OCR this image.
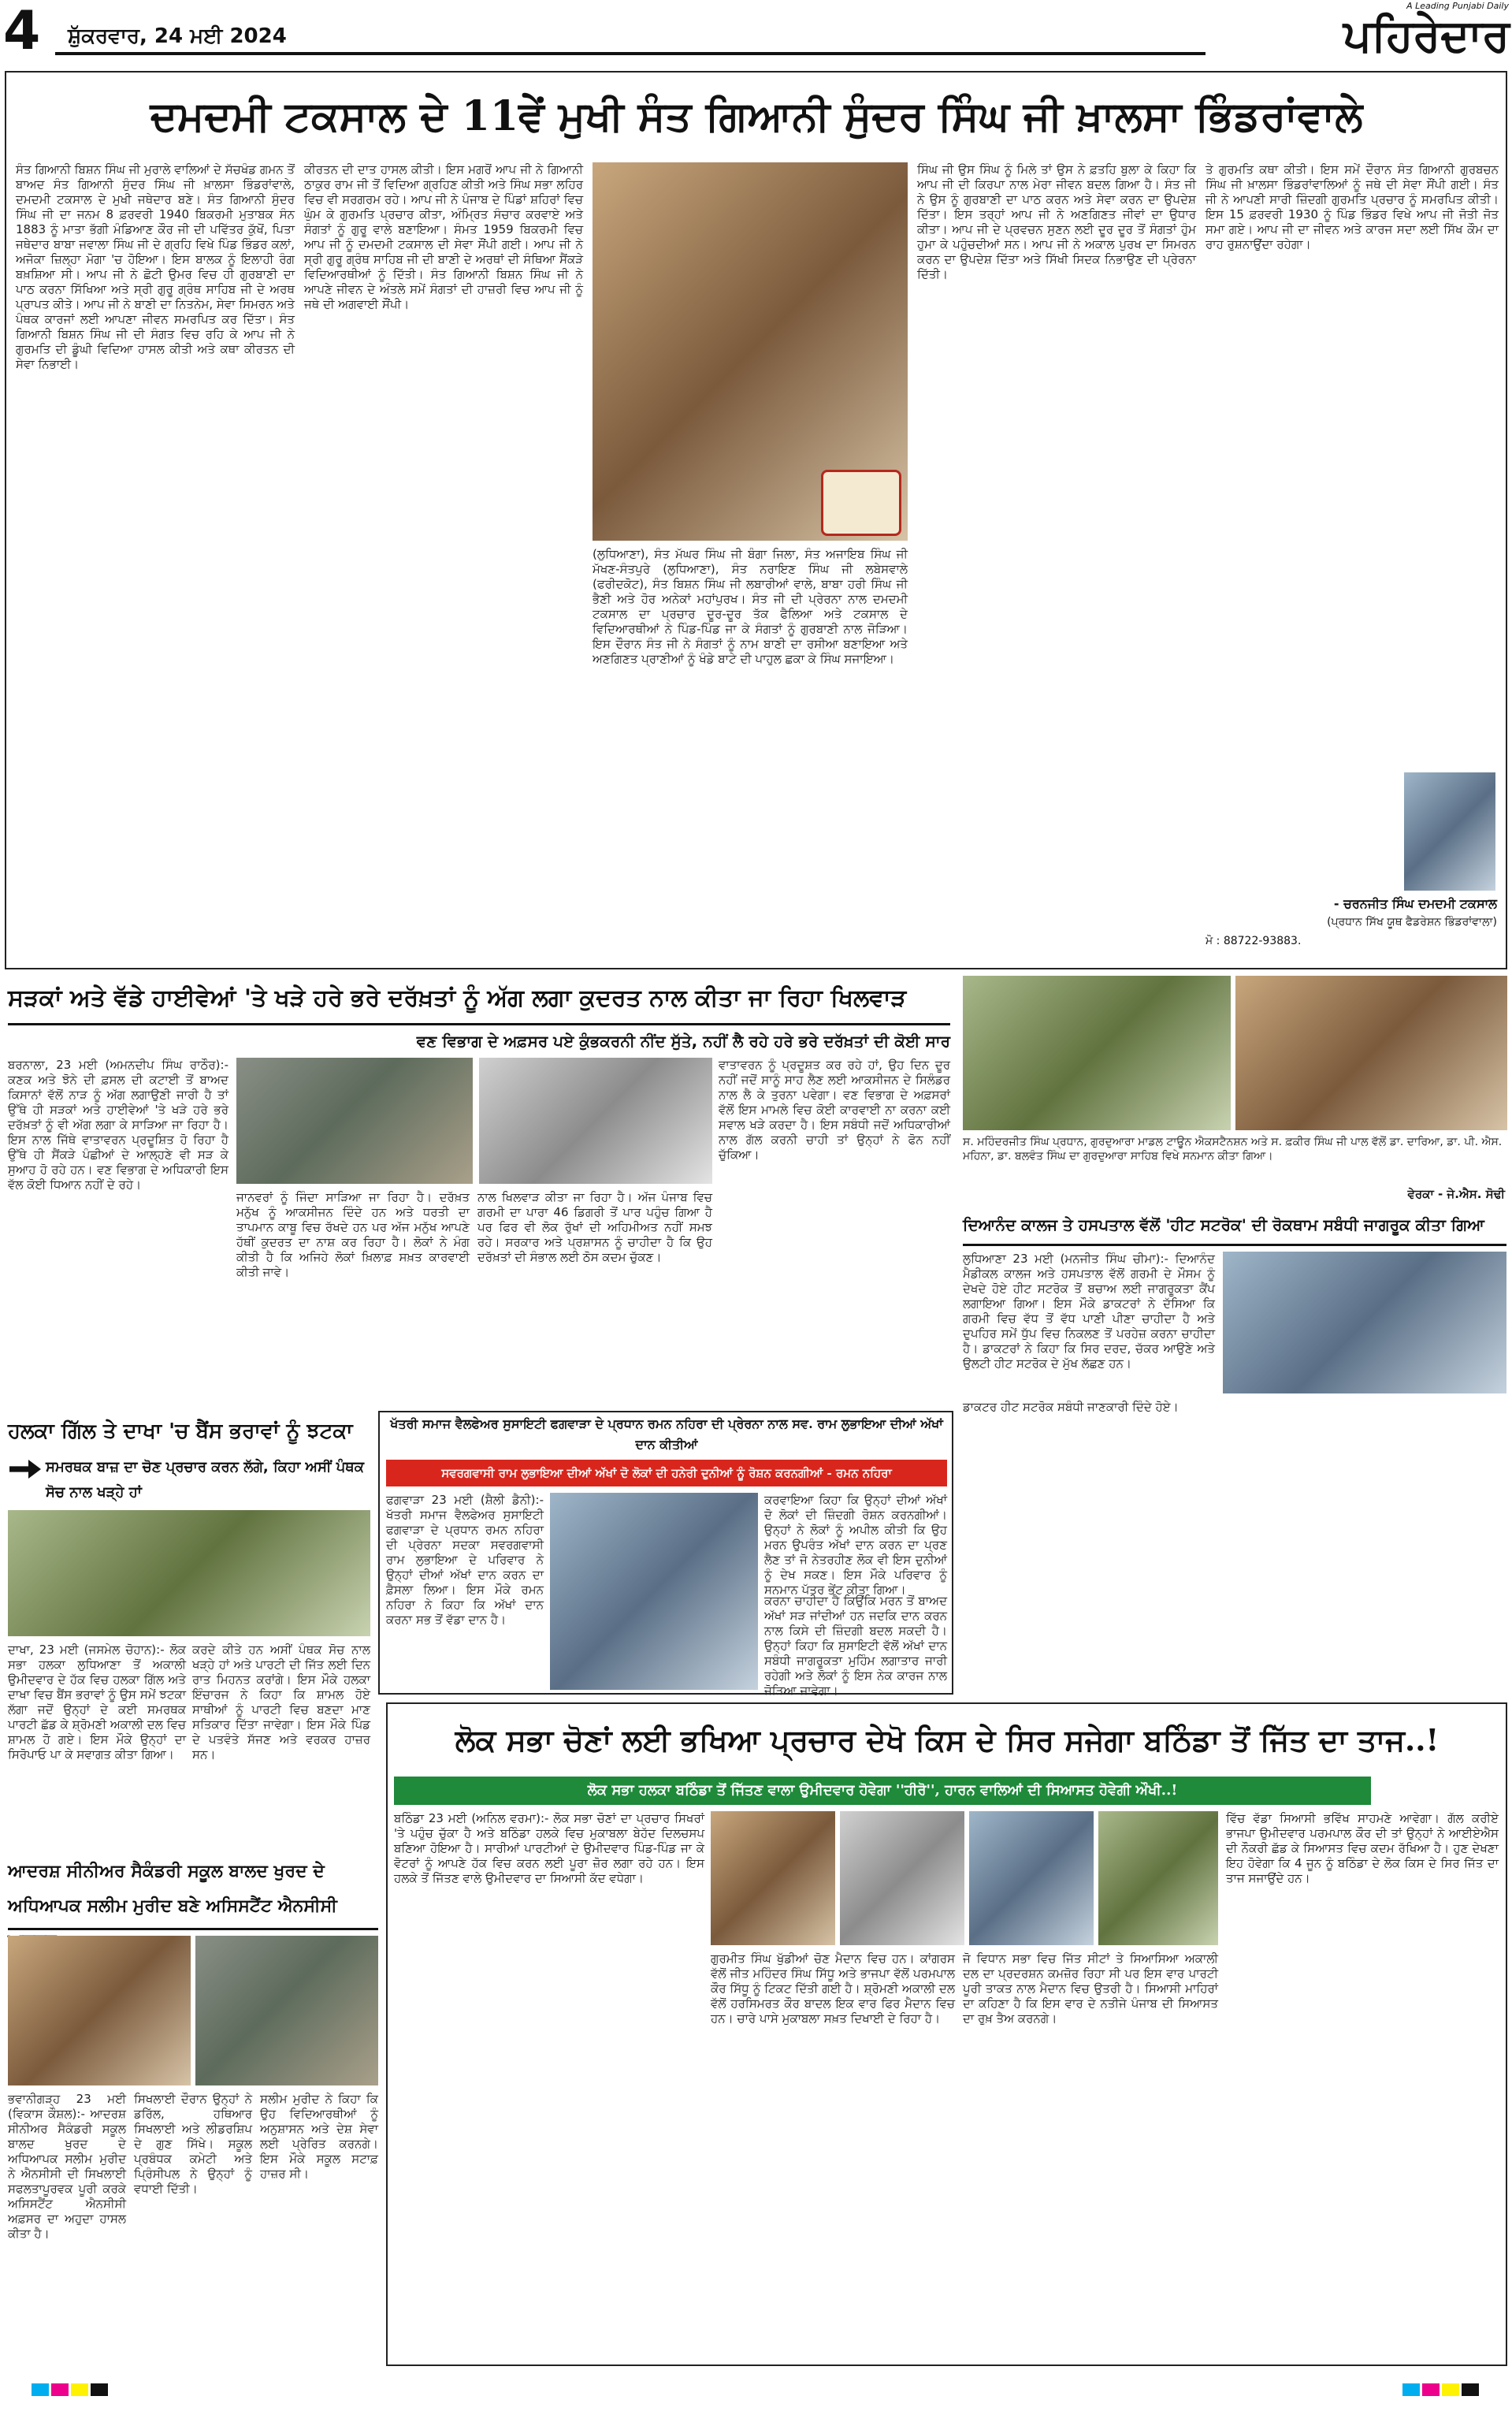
4	ਸ਼ੁੱਕਰਵਾਰ, 24 ਮਈ 2024
A Leading Punjabi Daily
ਪਹਿਰੇਦਾਰ
ਦਮਦਮੀ ਟਕਸਾਲ ਦੇ 11ਵੇਂ ਮੁਖੀ ਸੰਤ ਗਿਆਨੀ ਸੁੰਦਰ ਸਿੰਘ ਜੀ ਖ਼ਾਲਸਾ ਭਿੰਡਰਾਂਵਾਲੇ
ਸੰਤ ਗਿਆਨੀ ਬਿਸ਼ਨ ਸਿੰਘ ਜੀ ਮੁਰਾਲੇ ਵਾਲਿਆਂ ਦੇ ਸੱਚਖੰਡ ਗਮਨ ਤੋਂ ਬਾਅਦ ਸੰਤ ਗਿਆਨੀ ਸੁੰਦਰ ਸਿੰਘ ਜੀ ਖ਼ਾਲਸਾ ਭਿੰਡਰਾਂਵਾਲੇ, ਦਮਦਮੀ ਟਕਸਾਲ ਦੇ ਮੁਖੀ ਜਥੇਦਾਰ ਬਣੇ। ਸੰਤ ਗਿਆਨੀ ਸੁੰਦਰ ਸਿੰਘ ਜੀ ਦਾ ਜਨਮ 8 ਫ਼ਰਵਰੀ 1940 ਬਿਕਰਮੀ ਮੁਤਾਬਕ ਸੰਨ 1883 ਨੂੰ ਮਾਤਾ ਭੱਗੀ ਮੰਡਿਆਣ ਕੌਰ ਜੀ ਦੀ ਪਵਿੱਤਰ ਕੁੱਖੋਂ, ਪਿਤਾ ਜਥੇਦਾਰ ਬਾਬਾ ਜਵਾਲਾ ਸਿੰਘ ਜੀ ਦੇ ਗ੍ਰਹਿ ਵਿਖੇ ਪਿੰਡ ਭਿੰਡਰ ਕਲਾਂ, ਅਜੋਕਾ ਜ਼ਿਲ੍ਹਾ ਮੋਗਾ 'ਚ ਹੋਇਆ। ਇਸ ਬਾਲਕ ਨੂੰ ਇਲਾਹੀ ਰੰਗ ਬਖ਼ਸ਼ਿਆ ਸੀ। ਆਪ ਜੀ ਨੇ ਛੋਟੀ ਉਮਰ ਵਿਚ ਹੀ ਗੁਰਬਾਣੀ ਦਾ ਪਾਠ ਕਰਨਾ ਸਿੱਖਿਆ ਅਤੇ ਸ੍ਰੀ ਗੁਰੂ ਗ੍ਰੰਥ ਸਾਹਿਬ ਜੀ ਦੇ ਅਰਥ ਪ੍ਰਾਪਤ ਕੀਤੇ। ਆਪ ਜੀ ਨੇ ਬਾਣੀ ਦਾ ਨਿਤਨੇਮ, ਸੇਵਾ ਸਿਮਰਨ ਅਤੇ ਪੰਥਕ ਕਾਰਜਾਂ ਲਈ ਆਪਣਾ ਜੀਵਨ ਸਮਰਪਿਤ ਕਰ ਦਿੱਤਾ। ਸੰਤ ਗਿਆਨੀ ਬਿਸ਼ਨ ਸਿੰਘ ਜੀ ਦੀ ਸੰਗਤ ਵਿਚ ਰਹਿ ਕੇ ਆਪ ਜੀ ਨੇ ਗੁਰਮਤਿ ਦੀ ਡੂੰਘੀ ਵਿਦਿਆ ਹਾਸਲ ਕੀਤੀ ਅਤੇ ਕਥਾ ਕੀਰਤਨ ਦੀ ਸੇਵਾ ਨਿਭਾਈ।
ਕੀਰਤਨ ਦੀ ਦਾਤ ਹਾਸਲ ਕੀਤੀ। ਇਸ ਮਗਰੋਂ ਆਪ ਜੀ ਨੇ ਗਿਆਨੀ ਠਾਕੁਰ ਰਾਮ ਜੀ ਤੋਂ ਵਿਦਿਆ ਗ੍ਰਹਿਣ ਕੀਤੀ ਅਤੇ ਸਿੰਘ ਸਭਾ ਲਹਿਰ ਵਿਚ ਵੀ ਸਰਗਰਮ ਰਹੇ। ਆਪ ਜੀ ਨੇ ਪੰਜਾਬ ਦੇ ਪਿੰਡਾਂ ਸ਼ਹਿਰਾਂ ਵਿਚ ਘੁੰਮ ਕੇ ਗੁਰਮਤਿ ਪ੍ਰਚਾਰ ਕੀਤਾ, ਅੰਮ੍ਰਿਤ ਸੰਚਾਰ ਕਰਵਾਏ ਅਤੇ ਸੰਗਤਾਂ ਨੂੰ ਗੁਰੂ ਵਾਲੇ ਬਣਾਇਆ। ਸੰਮਤ 1959 ਬਿਕਰਮੀ ਵਿਚ ਆਪ ਜੀ ਨੂੰ ਦਮਦਮੀ ਟਕਸਾਲ ਦੀ ਸੇਵਾ ਸੌਂਪੀ ਗਈ। ਆਪ ਜੀ ਨੇ ਸ੍ਰੀ ਗੁਰੂ ਗ੍ਰੰਥ ਸਾਹਿਬ ਜੀ ਦੀ ਬਾਣੀ ਦੇ ਅਰਥਾਂ ਦੀ ਸੰਥਿਆ ਸੈਂਕੜੇ ਵਿਦਿਆਰਥੀਆਂ ਨੂੰ ਦਿੱਤੀ। ਸੰਤ ਗਿਆਨੀ ਬਿਸ਼ਨ ਸਿੰਘ ਜੀ ਨੇ ਆਪਣੇ ਜੀਵਨ ਦੇ ਅੰਤਲੇ ਸਮੇਂ ਸੰਗਤਾਂ ਦੀ ਹਾਜ਼ਰੀ ਵਿਚ ਆਪ ਜੀ ਨੂੰ ਜਥੇ ਦੀ ਅਗਵਾਈ ਸੌਂਪੀ।
(ਲੁਧਿਆਣਾ), ਸੰਤ ਮੱਘਰ ਸਿੰਘ ਜੀ ਬੰਗਾ ਜਿਲਾ, ਸੰਤ ਅਜਾਇਬ ਸਿੰਘ ਜੀ ਮੱਖਣ-ਸੰਤਪੁਰੇ (ਲੁਧਿਆਣਾ), ਸੰਤ ਨਰਾਇਣ ਸਿੰਘ ਜੀ ਲਬੇਸਵਾਲੇ (ਫਰੀਦਕੋਟ), ਸੰਤ ਬਿਸ਼ਨ ਸਿੰਘ ਜੀ ਲਬਾਰੀਆਂ ਵਾਲੇ, ਬਾਬਾ ਹਰੀ ਸਿੰਘ ਜੀ ਭੈਣੀ ਅਤੇ ਹੋਰ ਅਨੇਕਾਂ ਮਹਾਂਪੁਰਖ। ਸੰਤ ਜੀ ਦੀ ਪ੍ਰੇਰਨਾ ਨਾਲ ਦਮਦਮੀ ਟਕਸਾਲ ਦਾ ਪ੍ਰਚਾਰ ਦੂਰ-ਦੂਰ ਤੱਕ ਫੈਲਿਆ ਅਤੇ ਟਕਸਾਲ ਦੇ ਵਿਦਿਆਰਥੀਆਂ ਨੇ ਪਿੰਡ-ਪਿੰਡ ਜਾ ਕੇ ਸੰਗਤਾਂ ਨੂੰ ਗੁਰਬਾਣੀ ਨਾਲ ਜੋੜਿਆ। ਇਸ ਦੌਰਾਨ ਸੰਤ ਜੀ ਨੇ ਸੰਗਤਾਂ ਨੂੰ ਨਾਮ ਬਾਣੀ ਦਾ ਰਸੀਆ ਬਣਾਇਆ ਅਤੇ ਅਣਗਿਣਤ ਪ੍ਰਾਣੀਆਂ ਨੂੰ ਖੰਡੇ ਬਾਟੇ ਦੀ ਪਾਹੁਲ ਛਕਾ ਕੇ ਸਿੰਘ ਸਜਾਇਆ।
ਸਿੰਘ ਜੀ ਉਸ ਸਿੰਘ ਨੂੰ ਮਿਲੇ ਤਾਂ ਉਸ ਨੇ ਫ਼ਤਹਿ ਬੁਲਾ ਕੇ ਕਿਹਾ ਕਿ ਆਪ ਜੀ ਦੀ ਕਿਰਪਾ ਨਾਲ ਮੇਰਾ ਜੀਵਨ ਬਦਲ ਗਿਆ ਹੈ। ਸੰਤ ਜੀ ਨੇ ਉਸ ਨੂੰ ਗੁਰਬਾਣੀ ਦਾ ਪਾਠ ਕਰਨ ਅਤੇ ਸੇਵਾ ਕਰਨ ਦਾ ਉਪਦੇਸ਼ ਦਿੱਤਾ। ਇਸ ਤਰ੍ਹਾਂ ਆਪ ਜੀ ਨੇ ਅਣਗਿਣਤ ਜੀਵਾਂ ਦਾ ਉਧਾਰ ਕੀਤਾ। ਆਪ ਜੀ ਦੇ ਪ੍ਰਵਚਨ ਸੁਣਨ ਲਈ ਦੂਰ ਦੂਰ ਤੋਂ ਸੰਗਤਾਂ ਹੁੰਮ ਹੁਮਾ ਕੇ ਪਹੁੰਚਦੀਆਂ ਸਨ। ਆਪ ਜੀ ਨੇ ਅਕਾਲ ਪੁਰਖ ਦਾ ਸਿਮਰਨ ਕਰਨ ਦਾ ਉਪਦੇਸ਼ ਦਿੱਤਾ ਅਤੇ ਸਿੱਖੀ ਸਿਦਕ ਨਿਭਾਉਣ ਦੀ ਪ੍ਰੇਰਨਾ ਦਿੱਤੀ।
ਤੇ ਗੁਰਮਤਿ ਕਥਾ ਕੀਤੀ। ਇਸ ਸਮੇਂ ਦੌਰਾਨ ਸੰਤ ਗਿਆਨੀ ਗੁਰਬਚਨ ਸਿੰਘ ਜੀ ਖ਼ਾਲਸਾ ਭਿੰਡਰਾਂਵਾਲਿਆਂ ਨੂੰ ਜਥੇ ਦੀ ਸੇਵਾ ਸੌਂਪੀ ਗਈ। ਸੰਤ ਜੀ ਨੇ ਆਪਣੀ ਸਾਰੀ ਜ਼ਿੰਦਗੀ ਗੁਰਮਤਿ ਪ੍ਰਚਾਰ ਨੂੰ ਸਮਰਪਿਤ ਕੀਤੀ। ਇਸ 15 ਫ਼ਰਵਰੀ 1930 ਨੂੰ ਪਿੰਡ ਭਿੰਡਰ ਵਿਖੇ ਆਪ ਜੀ ਜੋਤੀ ਜੋਤ ਸਮਾ ਗਏ। ਆਪ ਜੀ ਦਾ ਜੀਵਨ ਅਤੇ ਕਾਰਜ ਸਦਾ ਲਈ ਸਿੱਖ ਕੌਮ ਦਾ ਰਾਹ ਰੁਸ਼ਨਾਉਂਦਾ ਰਹੇਗਾ।
- ਚਰਨਜੀਤ ਸਿੰਘ ਦਮਦਮੀ ਟਕਸਾਲ
(ਪ੍ਰਧਾਨ ਸਿੱਖ ਯੂਥ ਫੈਡਰੇਸ਼ਨ ਭਿੰਡਰਾਂਵਾਲਾ)
ਮੋ : 88722-93883.
ਸੜਕਾਂ ਅਤੇ ਵੱਡੇ ਹਾਈਵੇਆਂ 'ਤੇ ਖੜੇ ਹਰੇ ਭਰੇ ਦਰੱਖ਼ਤਾਂ ਨੂੰ ਅੱਗ ਲਗਾ ਕੁਦਰਤ ਨਾਲ ਕੀਤਾ ਜਾ ਰਿਹਾ ਖਿਲਵਾੜ
ਵਣ ਵਿਭਾਗ ਦੇ ਅਫ਼ਸਰ ਪਏ ਕੁੰਭਕਰਨੀ ਨੀਂਦ ਸੁੱਤੇ, ਨਹੀਂ ਲੈ ਰਹੇ ਹਰੇ ਭਰੇ ਦਰੱਖ਼ਤਾਂ ਦੀ ਕੋਈ ਸਾਰ
ਬਰਨਾਲਾ, 23 ਮਈ (ਅਮਨਦੀਪ ਸਿੰਘ ਰਾਠੌਰ):- ਕਣਕ ਅਤੇ ਝੋਨੇ ਦੀ ਫ਼ਸਲ ਦੀ ਕਟਾਈ ਤੋਂ ਬਾਅਦ ਕਿਸਾਨਾਂ ਵੱਲੋਂ ਨਾੜ ਨੂੰ ਅੱਗ ਲਗਾਉਣੀ ਜਾਰੀ ਹੈ ਤਾਂ ਉੱਥੇ ਹੀ ਸੜਕਾਂ ਅਤੇ ਹਾਈਵੇਆਂ 'ਤੇ ਖੜੇ ਹਰੇ ਭਰੇ ਦਰੱਖ਼ਤਾਂ ਨੂੰ ਵੀ ਅੱਗ ਲਗਾ ਕੇ ਸਾੜਿਆ ਜਾ ਰਿਹਾ ਹੈ। ਇਸ ਨਾਲ ਜਿੱਥੇ ਵਾਤਾਵਰਨ ਪ੍ਰਦੂਸ਼ਿਤ ਹੋ ਰਿਹਾ ਹੈ ਉੱਥੇ ਹੀ ਸੈਂਕੜੇ ਪੰਛੀਆਂ ਦੇ ਆਲ੍ਹਣੇ ਵੀ ਸੜ ਕੇ ਸੁਆਹ ਹੋ ਰਹੇ ਹਨ। ਵਣ ਵਿਭਾਗ ਦੇ ਅਧਿਕਾਰੀ ਇਸ ਵੱਲ ਕੋਈ ਧਿਆਨ ਨਹੀਂ ਦੇ ਰਹੇ।
ਵਾਤਾਵਰਨ ਨੂੰ ਪ੍ਰਦੂਸ਼ਤ ਕਰ ਰਹੇ ਹਾਂ, ਉਹ ਦਿਨ ਦੂਰ ਨਹੀਂ ਜਦੋਂ ਸਾਨੂੰ ਸਾਹ ਲੈਣ ਲਈ ਆਕਸੀਜਨ ਦੇ ਸਿਲੰਡਰ ਨਾਲ ਲੈ ਕੇ ਤੁਰਨਾ ਪਵੇਗਾ। ਵਣ ਵਿਭਾਗ ਦੇ ਅਫ਼ਸਰਾਂ ਵੱਲੋਂ ਇਸ ਮਾਮਲੇ ਵਿਚ ਕੋਈ ਕਾਰਵਾਈ ਨਾ ਕਰਨਾ ਕਈ ਸਵਾਲ ਖੜੇ ਕਰਦਾ ਹੈ। ਇਸ ਸਬੰਧੀ ਜਦੋਂ ਅਧਿਕਾਰੀਆਂ ਨਾਲ ਗੱਲ ਕਰਨੀ ਚਾਹੀ ਤਾਂ ਉਨ੍ਹਾਂ ਨੇ ਫੋਨ ਨਹੀਂ ਚੁੱਕਿਆ।
ਜਾਨਵਰਾਂ ਨੂੰ ਜਿੰਦਾ ਸਾੜਿਆ ਜਾ ਰਿਹਾ ਹੈ। ਦਰੱਖ਼ਤ ਮਨੁੱਖ ਨੂੰ ਆਕਸੀਜਨ ਦਿੰਦੇ ਹਨ ਅਤੇ ਧਰਤੀ ਦਾ ਤਾਪਮਾਨ ਕਾਬੂ ਵਿਚ ਰੱਖਦੇ ਹਨ ਪਰ ਅੱਜ ਮਨੁੱਖ ਆਪਣੇ ਹੱਥੀਂ ਕੁਦਰਤ ਦਾ ਨਾਸ਼ ਕਰ ਰਿਹਾ ਹੈ। ਲੋਕਾਂ ਨੇ ਮੰਗ ਕੀਤੀ ਹੈ ਕਿ ਅਜਿਹੇ ਲੋਕਾਂ ਖ਼ਿਲਾਫ਼ ਸਖ਼ਤ ਕਾਰਵਾਈ ਕੀਤੀ ਜਾਵੇ।
ਨਾਲ ਖਿਲਵਾੜ ਕੀਤਾ ਜਾ ਰਿਹਾ ਹੈ। ਅੱਜ ਪੰਜਾਬ ਵਿਚ ਗਰਮੀ ਦਾ ਪਾਰਾ 46 ਡਿਗਰੀ ਤੋਂ ਪਾਰ ਪਹੁੰਚ ਗਿਆ ਹੈ ਪਰ ਫਿਰ ਵੀ ਲੋਕ ਰੁੱਖਾਂ ਦੀ ਅਹਿਮੀਅਤ ਨਹੀਂ ਸਮਝ ਰਹੇ। ਸਰਕਾਰ ਅਤੇ ਪ੍ਰਸ਼ਾਸਨ ਨੂੰ ਚਾਹੀਦਾ ਹੈ ਕਿ ਉਹ ਦਰੱਖ਼ਤਾਂ ਦੀ ਸੰਭਾਲ ਲਈ ਠੋਸ ਕਦਮ ਚੁੱਕਣ।
ਸ. ਮਹਿੰਦਰਜੀਤ ਸਿੰਘ ਪ੍ਰਧਾਨ, ਗੁਰਦੁਆਰਾ ਮਾਡਲ ਟਾਊਨ ਐਕਸਟੈਨਸ਼ਨ ਅਤੇ ਸ. ਫ਼ਕੀਰ ਸਿੰਘ ਜੀ ਪਾਲ ਵੱਲੋਂ ਡਾ. ਦਾਰਿਆ, ਡਾ. ਪੀ. ਐਸ. ਮਹਿਨਾ, ਡਾ. ਬਲਵੰਤ ਸਿੰਘ ਦਾ ਗੁਰਦੁਆਰਾ ਸਾਹਿਬ ਵਿਖੇ ਸਨਮਾਨ ਕੀਤਾ ਗਿਆ।
ਵੇਰਕਾ - ਜੇ.ਐਸ. ਸੋਢੀ
ਦਿਆਨੰਦ ਕਾਲਜ ਤੇ ਹਸਪਤਾਲ ਵੱਲੋਂ 'ਹੀਟ ਸਟਰੋਕ' ਦੀ ਰੋਕਥਾਮ ਸਬੰਧੀ ਜਾਗਰੂਕ ਕੀਤਾ ਗਿਆ
ਲੁਧਿਆਣਾ 23 ਮਈ (ਮਨਜੀਤ ਸਿੰਘ ਚੀਮਾ):- ਦਿਆਨੰਦ ਮੈਡੀਕਲ ਕਾਲਜ ਅਤੇ ਹਸਪਤਾਲ ਵੱਲੋਂ ਗਰਮੀ ਦੇ ਮੌਸਮ ਨੂੰ ਦੇਖਦੇ ਹੋਏ ਹੀਟ ਸਟਰੋਕ ਤੋਂ ਬਚਾਅ ਲਈ ਜਾਗਰੂਕਤਾ ਕੈਂਪ ਲਗਾਇਆ ਗਿਆ। ਇਸ ਮੌਕੇ ਡਾਕਟਰਾਂ ਨੇ ਦੱਸਿਆ ਕਿ ਗਰਮੀ ਵਿਚ ਵੱਧ ਤੋਂ ਵੱਧ ਪਾਣੀ ਪੀਣਾ ਚਾਹੀਦਾ ਹੈ ਅਤੇ ਦੁਪਹਿਰ ਸਮੇਂ ਧੁੱਪ ਵਿਚ ਨਿਕਲਣ ਤੋਂ ਪਰਹੇਜ਼ ਕਰਨਾ ਚਾਹੀਦਾ ਹੈ। ਡਾਕਟਰਾਂ ਨੇ ਕਿਹਾ ਕਿ ਸਿਰ ਦਰਦ, ਚੱਕਰ ਆਉਣੇ ਅਤੇ ਉਲਟੀ ਹੀਟ ਸਟਰੋਕ ਦੇ ਮੁੱਖ ਲੱਛਣ ਹਨ।
ਡਾਕਟਰ ਹੀਟ ਸਟਰੋਕ ਸਬੰਧੀ ਜਾਣਕਾਰੀ ਦਿੰਦੇ ਹੋਏ।
ਹਲਕਾ ਗਿੱਲ ਤੇ ਦਾਖਾ 'ਚ ਬੈਂਸ ਭਰਾਵਾਂ ਨੂੰ ਝਟਕਾ
ਸਮਰਥਕ ਬਾਜ਼ ਦਾ ਚੋਣ ਪ੍ਰਚਾਰ ਕਰਨ ਲੱਗੇ, ਕਿਹਾ ਅਸੀਂ ਪੰਥਕ ਸੋਚ ਨਾਲ ਖੜ੍ਹੇ ਹਾਂ
ਦਾਖਾ, 23 ਮਈ (ਜਸਮੇਲ ਚੋਹਾਨ):- ਲੋਕ ਸਭਾ ਹਲਕਾ ਲੁਧਿਆਣਾ ਤੋਂ ਅਕਾਲੀ ਉਮੀਦਵਾਰ ਦੇ ਹੱਕ ਵਿਚ ਹਲਕਾ ਗਿੱਲ ਅਤੇ ਦਾਖਾ ਵਿਚ ਬੈਂਸ ਭਰਾਵਾਂ ਨੂੰ ਉਸ ਸਮੇਂ ਝਟਕਾ ਲੱਗਾ ਜਦੋਂ ਉਨ੍ਹਾਂ ਦੇ ਕਈ ਸਮਰਥਕ ਪਾਰਟੀ ਛੱਡ ਕੇ ਸ਼੍ਰੋਮਣੀ ਅਕਾਲੀ ਦਲ ਵਿਚ ਸ਼ਾਮਲ ਹੋ ਗਏ। ਇਸ ਮੌਕੇ ਉਨ੍ਹਾਂ ਦਾ ਸਿਰੋਪਾਓ ਪਾ ਕੇ ਸਵਾਗਤ ਕੀਤਾ ਗਿਆ।
ਕਰਦੇ ਕੀਤੇ ਹਨ ਅਸੀਂ ਪੰਥਕ ਸੋਚ ਨਾਲ ਖੜ੍ਹੇ ਹਾਂ ਅਤੇ ਪਾਰਟੀ ਦੀ ਜਿੱਤ ਲਈ ਦਿਨ ਰਾਤ ਮਿਹਨਤ ਕਰਾਂਗੇ। ਇਸ ਮੌਕੇ ਹਲਕਾ ਇੰਚਾਰਜ ਨੇ ਕਿਹਾ ਕਿ ਸ਼ਾਮਲ ਹੋਏ ਸਾਥੀਆਂ ਨੂੰ ਪਾਰਟੀ ਵਿਚ ਬਣਦਾ ਮਾਣ ਸਤਿਕਾਰ ਦਿੱਤਾ ਜਾਵੇਗਾ। ਇਸ ਮੌਕੇ ਪਿੰਡ ਦੇ ਪਤਵੰਤੇ ਸੱਜਣ ਅਤੇ ਵਰਕਰ ਹਾਜ਼ਰ ਸਨ।
ਖੱਤਰੀ ਸਮਾਜ ਵੈਲਫੇਅਰ ਸੁਸਾਇਟੀ ਫਗਵਾੜਾ ਦੇ ਪ੍ਰਧਾਨ ਰਮਨ ਨਹਿਰਾ ਦੀ ਪ੍ਰੇਰਨਾ ਨਾਲ ਸਵ. ਰਾਮ ਲੁਭਾਇਆ ਦੀਆਂ ਅੱਖਾਂ ਦਾਨ ਕੀਤੀਆਂ
ਸਵਰਗਵਾਸੀ ਰਾਮ ਲੁਭਾਇਆ ਦੀਆਂ ਅੱਖਾਂ ਦੋ ਲੋਕਾਂ ਦੀ ਹਨੇਰੀ ਦੁਨੀਆਂ ਨੂੰ ਰੋਸ਼ਨ ਕਰਨਗੀਆਂ - ਰਮਨ ਨਹਿਰਾ
ਫਗਵਾੜਾ 23 ਮਈ (ਸ਼ੈਲੀ ਡੈਨੀ):- ਖੱਤਰੀ ਸਮਾਜ ਵੈਲਫੇਅਰ ਸੁਸਾਇਟੀ ਫਗਵਾੜਾ ਦੇ ਪ੍ਰਧਾਨ ਰਮਨ ਨਹਿਰਾ ਦੀ ਪ੍ਰੇਰਨਾ ਸਦਕਾ ਸਵਰਗਵਾਸੀ ਰਾਮ ਲੁਭਾਇਆ ਦੇ ਪਰਿਵਾਰ ਨੇ ਉਨ੍ਹਾਂ ਦੀਆਂ ਅੱਖਾਂ ਦਾਨ ਕਰਨ ਦਾ ਫ਼ੈਸਲਾ ਲਿਆ। ਇਸ ਮੌਕੇ ਰਮਨ ਨਹਿਰਾ ਨੇ ਕਿਹਾ ਕਿ ਅੱਖਾਂ ਦਾਨ ਕਰਨਾ ਸਭ ਤੋਂ ਵੱਡਾ ਦਾਨ ਹੈ।
ਕਰਵਾਇਆ ਕਿਹਾ ਕਿ ਉਨ੍ਹਾਂ ਦੀਆਂ ਅੱਖਾਂ ਦੋ ਲੋਕਾਂ ਦੀ ਜ਼ਿੰਦਗੀ ਰੋਸ਼ਨ ਕਰਨਗੀਆਂ। ਉਨ੍ਹਾਂ ਨੇ ਲੋਕਾਂ ਨੂੰ ਅਪੀਲ ਕੀਤੀ ਕਿ ਉਹ ਮਰਨ ਉਪਰੰਤ ਅੱਖਾਂ ਦਾਨ ਕਰਨ ਦਾ ਪ੍ਰਣ ਲੈਣ ਤਾਂ ਜੋ ਨੇਤਰਹੀਣ ਲੋਕ ਵੀ ਇਸ ਦੁਨੀਆਂ ਨੂੰ ਦੇਖ ਸਕਣ। ਇਸ ਮੌਕੇ ਪਰਿਵਾਰ ਨੂੰ ਸਨਮਾਨ ਪੱਤਰ ਭੇਂਟ ਕੀਤਾ ਗਿਆ।
ਕਰਨਾ ਚਾਹੀਦਾ ਹੈ ਕਿਉਂਕਿ ਮਰਨ ਤੋਂ ਬਾਅਦ ਅੱਖਾਂ ਸੜ ਜਾਂਦੀਆਂ ਹਨ ਜਦਕਿ ਦਾਨ ਕਰਨ ਨਾਲ ਕਿਸੇ ਦੀ ਜ਼ਿੰਦਗੀ ਬਦਲ ਸਕਦੀ ਹੈ। ਉਨ੍ਹਾਂ ਕਿਹਾ ਕਿ ਸੁਸਾਇਟੀ ਵੱਲੋਂ ਅੱਖਾਂ ਦਾਨ ਸਬੰਧੀ ਜਾਗਰੂਕਤਾ ਮੁਹਿੰਮ ਲਗਾਤਾਰ ਜਾਰੀ ਰਹੇਗੀ ਅਤੇ ਲੋਕਾਂ ਨੂੰ ਇਸ ਨੇਕ ਕਾਰਜ ਨਾਲ ਜੋੜਿਆ ਜਾਵੇਗਾ।
ਆਦਰਸ਼ ਸੀਨੀਅਰ ਸੈਕੰਡਰੀ ਸਕੂਲ ਬਾਲਦ ਖੁਰਦ ਦੇ ਅਧਿਆਪਕ ਸਲੀਮ ਮੁਰੀਦ ਬਣੇ ਅਸਿਸਟੈਂਟ ਐਨਸੀਸੀ
ਭਵਾਨੀਗੜ੍ਹ 23 ਮਈ (ਵਿਕਾਸ ਕੌਸ਼ਲ):- ਆਦਰਸ਼ ਸੀਨੀਅਰ ਸੈਕੰਡਰੀ ਸਕੂਲ ਬਾਲਦ ਖੁਰਦ ਦੇ ਅਧਿਆਪਕ ਸਲੀਮ ਮੁਰੀਦ ਨੇ ਐਨਸੀਸੀ ਦੀ ਸਿਖਲਾਈ ਸਫਲਤਾਪੂਰਵਕ ਪੂਰੀ ਕਰਕੇ ਅਸਿਸਟੈਂਟ ਐਨਸੀਸੀ ਅਫ਼ਸਰ ਦਾ ਅਹੁਦਾ ਹਾਸਲ ਕੀਤਾ ਹੈ।
ਸਿਖਲਾਈ ਦੌਰਾਨ ਉਨ੍ਹਾਂ ਨੇ ਡਰਿੱਲ, ਹਥਿਆਰ ਸਿਖਲਾਈ ਅਤੇ ਲੀਡਰਸ਼ਿਪ ਦੇ ਗੁਣ ਸਿੱਖੇ। ਸਕੂਲ ਪ੍ਰਬੰਧਕ ਕਮੇਟੀ ਅਤੇ ਪ੍ਰਿੰਸੀਪਲ ਨੇ ਉਨ੍ਹਾਂ ਨੂੰ ਵਧਾਈ ਦਿੱਤੀ।
ਸਲੀਮ ਮੁਰੀਦ ਨੇ ਕਿਹਾ ਕਿ ਉਹ ਵਿਦਿਆਰਥੀਆਂ ਨੂੰ ਅਨੁਸ਼ਾਸਨ ਅਤੇ ਦੇਸ਼ ਸੇਵਾ ਲਈ ਪ੍ਰੇਰਿਤ ਕਰਨਗੇ। ਇਸ ਮੌਕੇ ਸਕੂਲ ਸਟਾਫ਼ ਹਾਜ਼ਰ ਸੀ।
ਲੋਕ ਸਭਾ ਚੋਣਾਂ ਲਈ ਭਖਿਆ ਪ੍ਰਚਾਰ ਦੇਖੋ ਕਿਸ ਦੇ ਸਿਰ ਸਜੇਗਾ ਬਠਿੰਡਾ ਤੋਂ ਜਿੱਤ ਦਾ ਤਾਜ..!
ਲੋਕ ਸਭਾ ਹਲਕਾ ਬਠਿੰਡਾ ਤੋਂ ਜਿੱਤਣ ਵਾਲਾ ਉਮੀਦਵਾਰ ਹੋਵੇਗਾ ''ਹੀਰੋ'', ਹਾਰਨ ਵਾਲਿਆਂ ਦੀ ਸਿਆਸਤ ਹੋਵੇਗੀ ਔਖੀ..!
ਬਠਿੰਡਾ 23 ਮਈ (ਅਨਿਲ ਵਰਮਾ):- ਲੋਕ ਸਭਾ ਚੋਣਾਂ ਦਾ ਪ੍ਰਚਾਰ ਸਿਖਰਾਂ 'ਤੇ ਪਹੁੰਚ ਚੁੱਕਾ ਹੈ ਅਤੇ ਬਠਿੰਡਾ ਹਲਕੇ ਵਿਚ ਮੁਕਾਬਲਾ ਬੇਹੱਦ ਦਿਲਚਸਪ ਬਣਿਆ ਹੋਇਆ ਹੈ। ਸਾਰੀਆਂ ਪਾਰਟੀਆਂ ਦੇ ਉਮੀਦਵਾਰ ਪਿੰਡ-ਪਿੰਡ ਜਾ ਕੇ ਵੋਟਰਾਂ ਨੂੰ ਆਪਣੇ ਹੱਕ ਵਿਚ ਕਰਨ ਲਈ ਪੂਰਾ ਜ਼ੋਰ ਲਗਾ ਰਹੇ ਹਨ। ਇਸ ਹਲਕੇ ਤੋਂ ਜਿੱਤਣ ਵਾਲੇ ਉਮੀਦਵਾਰ ਦਾ ਸਿਆਸੀ ਕੱਦ ਵਧੇਗਾ।
ਗੁਰਮੀਤ ਸਿੰਘ ਖੁੱਡੀਆਂ ਚੋਣ ਮੈਦਾਨ ਵਿਚ ਹਨ। ਕਾਂਗਰਸ ਵੱਲੋਂ ਜੀਤ ਮਹਿੰਦਰ ਸਿੰਘ ਸਿੱਧੂ ਅਤੇ ਭਾਜਪਾ ਵੱਲੋਂ ਪਰਮਪਾਲ ਕੌਰ ਸਿੱਧੂ ਨੂੰ ਟਿਕਟ ਦਿੱਤੀ ਗਈ ਹੈ। ਸ਼੍ਰੋਮਣੀ ਅਕਾਲੀ ਦਲ ਵੱਲੋਂ ਹਰਸਿਮਰਤ ਕੌਰ ਬਾਦਲ ਇਕ ਵਾਰ ਫਿਰ ਮੈਦਾਨ ਵਿਚ ਹਨ। ਚਾਰੇ ਪਾਸੇ ਮੁਕਾਬਲਾ ਸਖ਼ਤ ਦਿਖਾਈ ਦੇ ਰਿਹਾ ਹੈ।
ਜੋ ਵਿਧਾਨ ਸਭਾ ਵਿਚ ਜਿੱਤ ਸੀਟਾਂ ਤੇ ਸਿਆਸਿਆ ਅਕਾਲੀ ਦਲ ਦਾ ਪ੍ਰਦਰਸ਼ਨ ਕਮਜ਼ੋਰ ਰਿਹਾ ਸੀ ਪਰ ਇਸ ਵਾਰ ਪਾਰਟੀ ਪੂਰੀ ਤਾਕਤ ਨਾਲ ਮੈਦਾਨ ਵਿਚ ਉਤਰੀ ਹੈ। ਸਿਆਸੀ ਮਾਹਿਰਾਂ ਦਾ ਕਹਿਣਾ ਹੈ ਕਿ ਇਸ ਵਾਰ ਦੇ ਨਤੀਜੇ ਪੰਜਾਬ ਦੀ ਸਿਆਸਤ ਦਾ ਰੁਖ਼ ਤੈਅ ਕਰਨਗੇ।
ਵਿੱਚ ਵੱਡਾ ਸਿਆਸੀ ਭਵਿੱਖ ਸਾਹਮਣੇ ਆਵੇਗਾ। ਗੱਲ ਕਰੀਏ ਭਾਜਪਾ ਉਮੀਦਵਾਰ ਪਰਮਪਾਲ ਕੌਰ ਦੀ ਤਾਂ ਉਨ੍ਹਾਂ ਨੇ ਆਈਏਐਸ ਦੀ ਨੌਕਰੀ ਛੱਡ ਕੇ ਸਿਆਸਤ ਵਿਚ ਕਦਮ ਰੱਖਿਆ ਹੈ। ਹੁਣ ਦੇਖਣਾ ਇਹ ਹੋਵੇਗਾ ਕਿ 4 ਜੂਨ ਨੂੰ ਬਠਿੰਡਾ ਦੇ ਲੋਕ ਕਿਸ ਦੇ ਸਿਰ ਜਿੱਤ ਦਾ ਤਾਜ ਸਜਾਉਂਦੇ ਹਨ।
